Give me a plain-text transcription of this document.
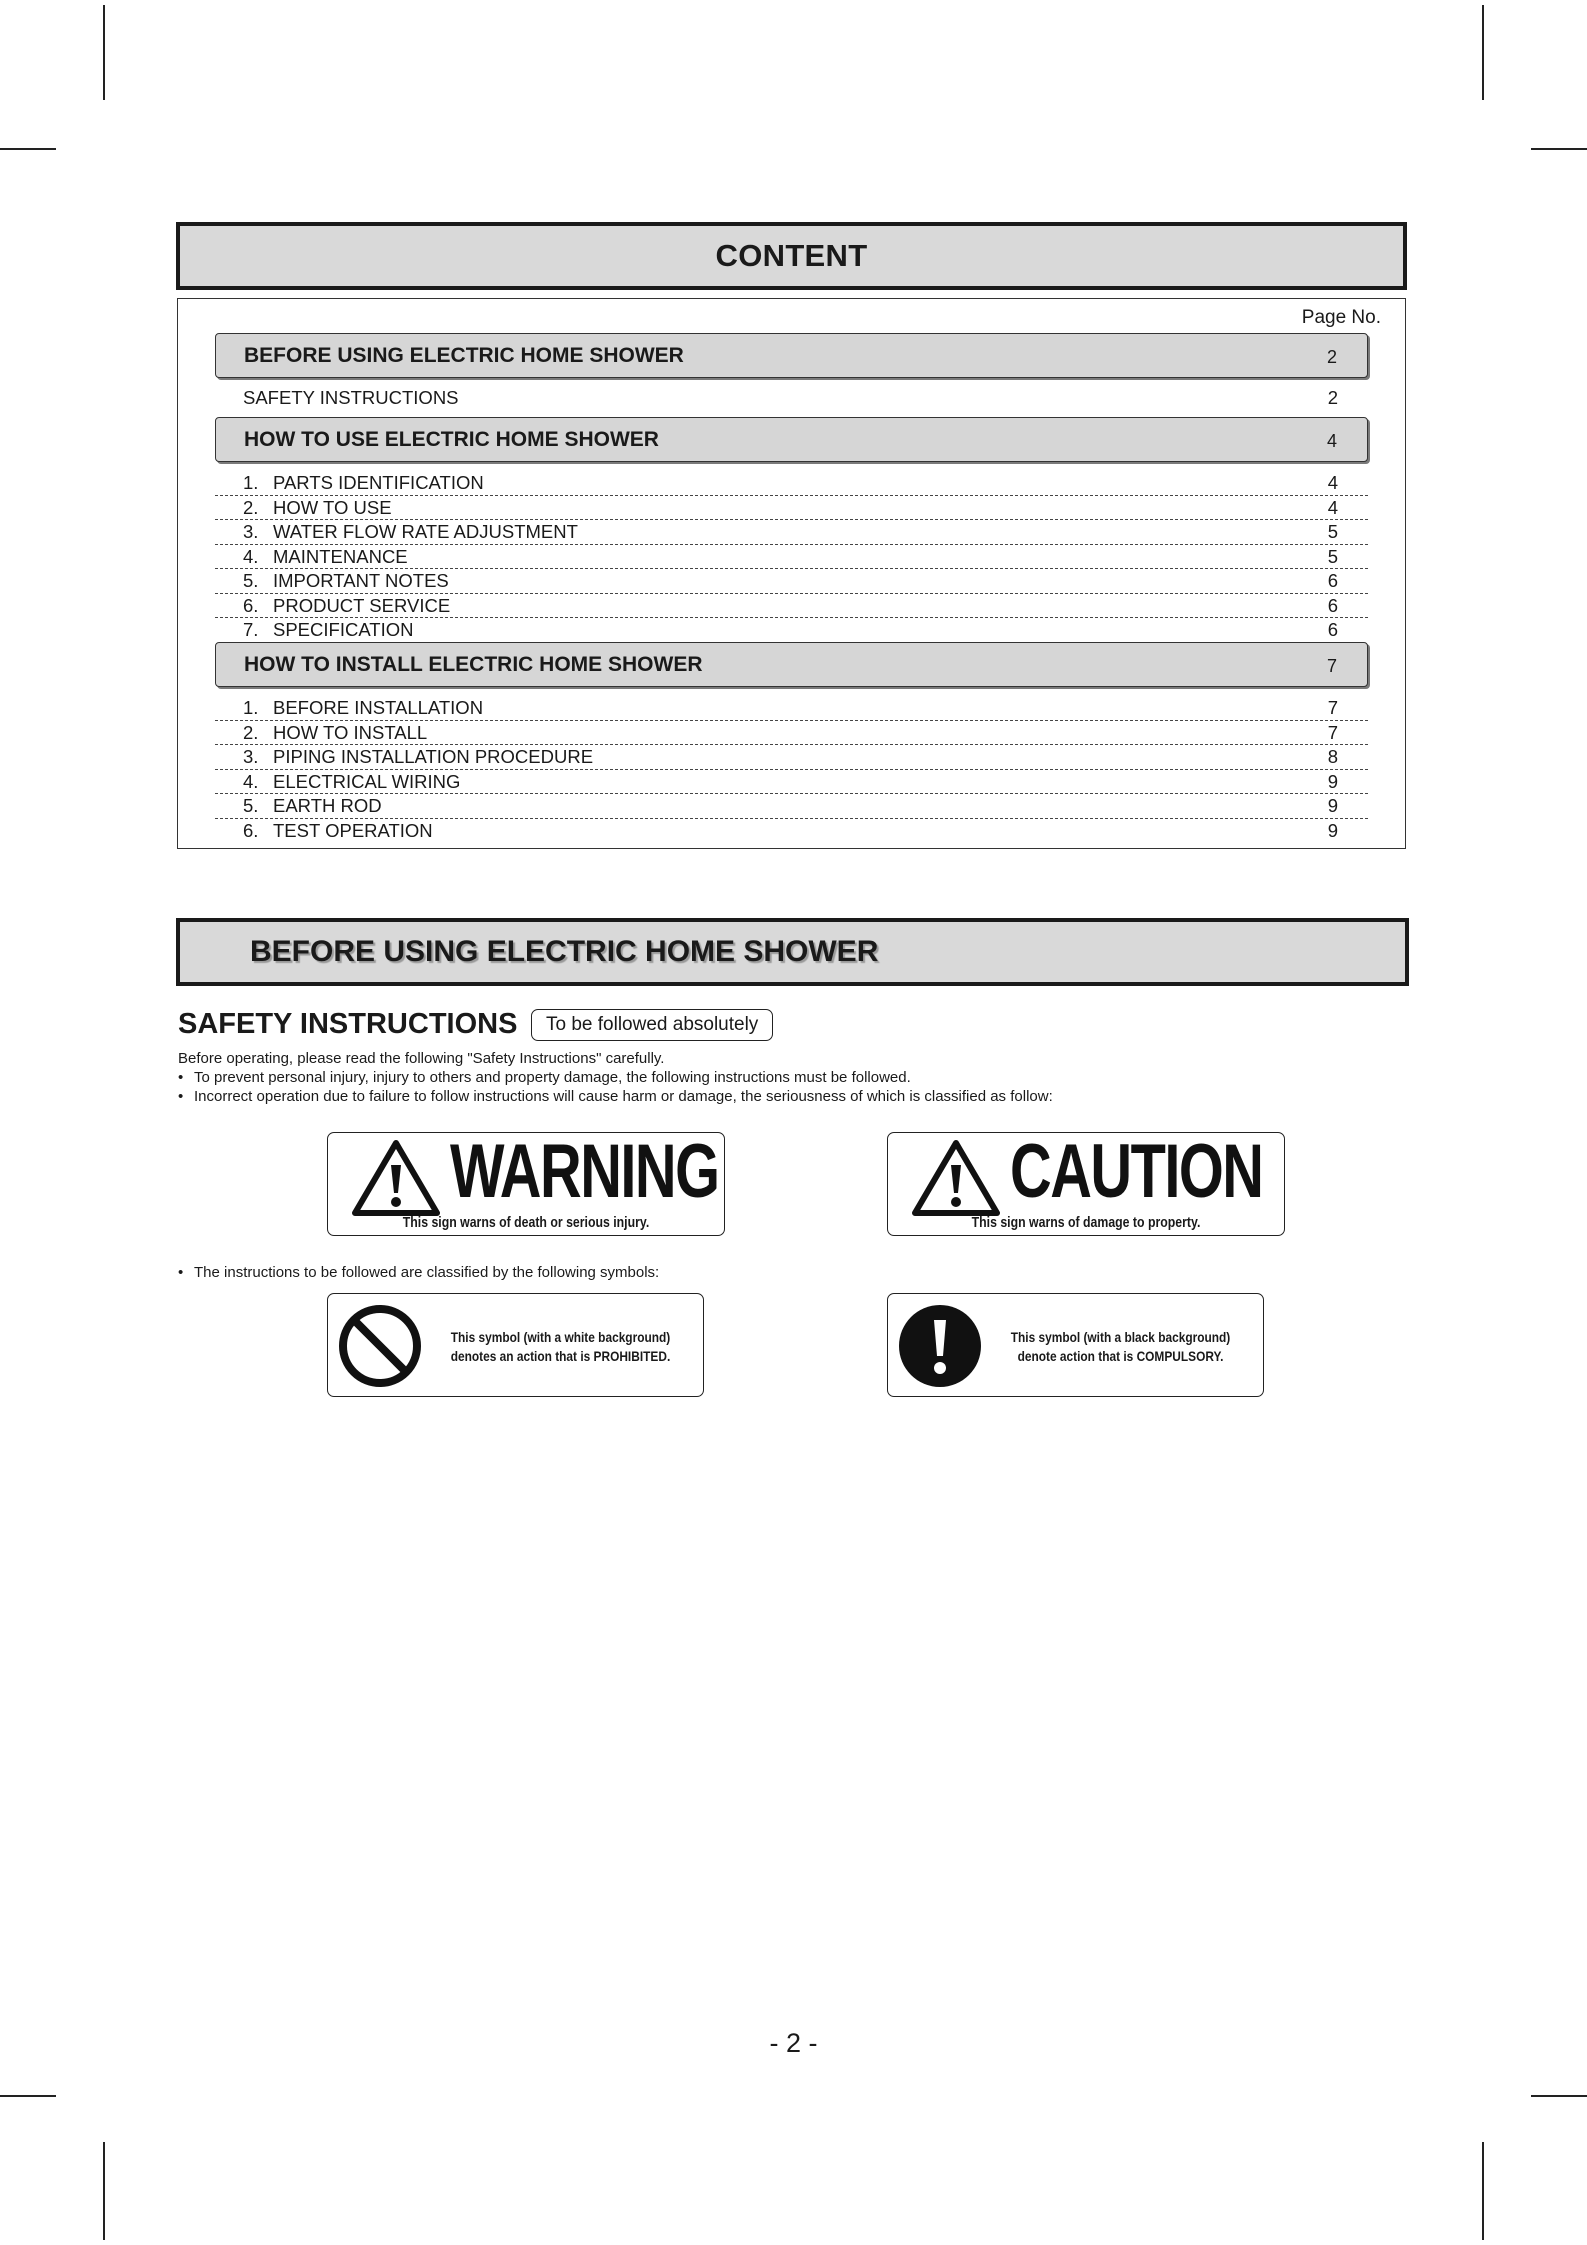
CONTENT
Page No.
BEFORE USING ELECTRIC HOME SHOWER	2
SAFETY INSTRUCTIONS	2
HOW TO USE ELECTRIC HOME SHOWER	4
1. PARTS IDENTIFICATION	4
2. HOW TO USE	4
3. WATER FLOW RATE ADJUSTMENT	5
4. MAINTENANCE	5
5. IMPORTANT NOTES	6
6. PRODUCT SERVICE	6
7. SPECIFICATION	6
HOW TO INSTALL ELECTRIC HOME SHOWER	7
1. BEFORE INSTALLATION	7
2. HOW TO INSTALL	7
3. PIPING INSTALLATION PROCEDURE	8
4. ELECTRICAL WIRING	9
5. EARTH ROD	9
6. TEST OPERATION	9
BEFORE USING ELECTRIC HOME SHOWER
SAFETY INSTRUCTIONS	To be followed absolutely
Before operating, please read the following "Safety Instructions" carefully.
• To prevent personal injury, injury to others and property damage, the following instructions must be followed.
• Incorrect operation due to failure to follow instructions will cause harm or damage, the seriousness of which is classified as follow:
WARNING
This sign warns of death or serious injury.
CAUTION
This sign warns of damage to property.
• The instructions to be followed are classified by the following symbols:
This symbol (with a white background)
denotes an action that is PROHIBITED.
This symbol (with a black background)
denote action that is COMPULSORY.
- 2 -
